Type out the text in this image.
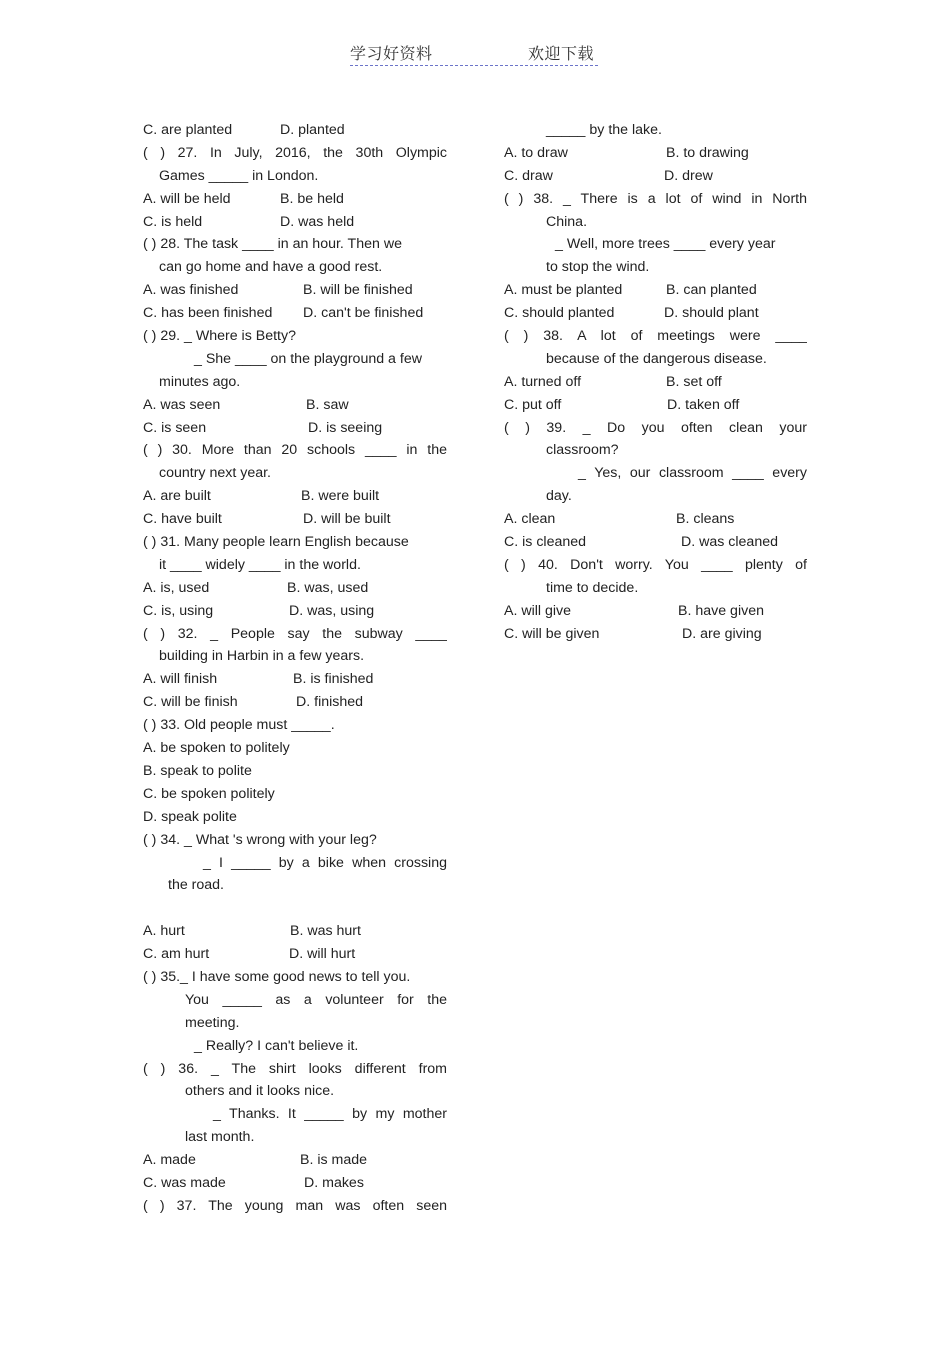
学习好资料	欢迎下载
C. are planted	D. planted
( ) 27. In July, 2016, the 30th Olympic
Games _____ in London.
A. will be held	B. be held
C. is held	D. was held
( ) 28. The task ____ in an hour. Then we
can go home and have a good rest.
A. was finished	B. will be finished
C. has been finished D. can't be finished
( ) 29. _ Where is Betty?
_ She ____ on the playground a few
minutes ago.
A. was seen	B. saw
C. is seen	D. is seeing
( ) 30. More than 20 schools ____ in the
country next year.
A. are built	B. were built
C. have built	D. will be built
( ) 31. Many people learn English because
it ____ widely ____ in the world.
A. is, used	B. was, used
C. is, using	D. was, using
( ) 32. _ People say the subway ____
building in Harbin in a few years.
A. will finish	B. is finished
C. will be finish	D. finished
( ) 33. Old people must _____.
A. be spoken to politely
B. speak to polite
C. be spoken politely
D. speak polite
( ) 34. _ What 's wrong with your leg?
_ I _____ by a bike when crossing
the road.
A. hurt	B. was hurt
C. am hurt	D. will hurt
( ) 35._ I have some good news to tell you.
You _____ as a volunteer for the
meeting.
_ Really? I can't believe it.
( ) 36. _ The shirt looks different from
others and it looks nice.
_ Thanks. It _____ by my mother
last month.
A. made	B. is made
C. was made	D. makes
( ) 37. The young man was often seen
_____ by the lake.
A. to draw	B. to drawing
C. draw	D. drew
( ) 38. _ There is a lot of wind in North
China.
_ Well, more trees ____ every year
to stop the wind.
A. must be planted	B. can planted
C. should planted	D. should plant
( ) 38. A lot of meetings were ____
because of the dangerous disease.
A. turned off	B. set off
C. put off	D. taken off
( ) 39. _ Do you often clean your
classroom?
_ Yes, our classroom ____ every
day.
A. clean	B. cleans
C. is cleaned	D. was cleaned
( ) 40. Don't worry. You ____ plenty of
time to decide.
A. will give	B. have given
C. will be given	D. are giving
